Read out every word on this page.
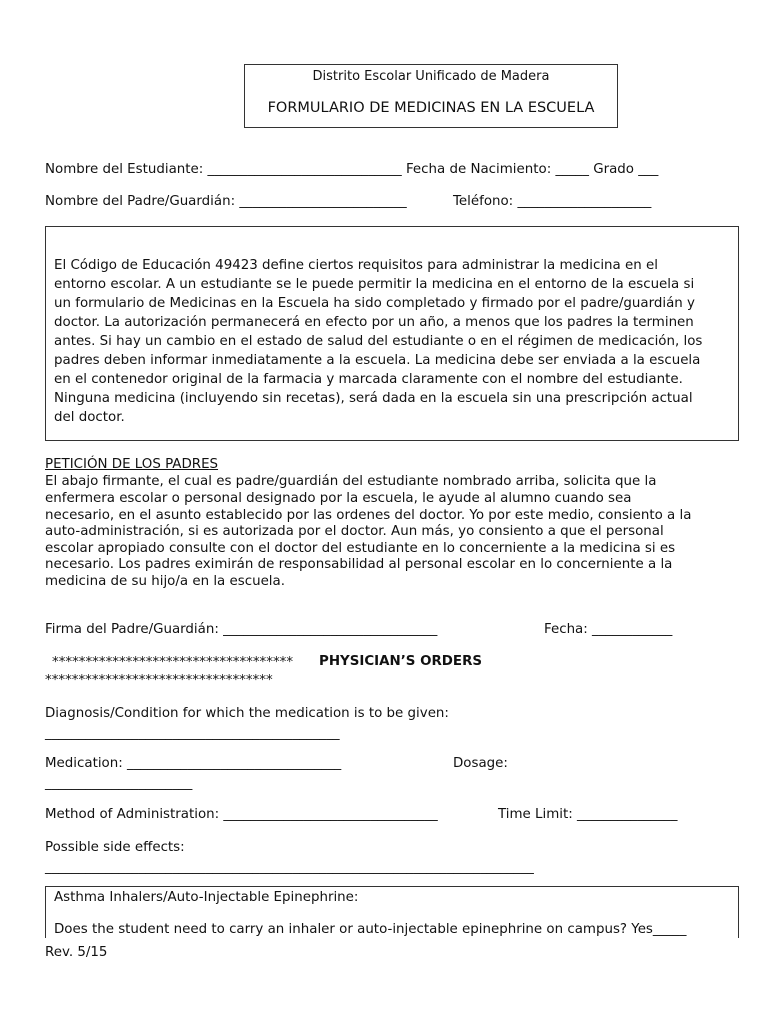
Distrito Escolar Unificado de Madera
FORMULARIO DE MEDICINAS EN LA ESCUELA
Nombre del Estudiante: _____________________________ Fecha de Nacimiento: _____ Grado ___
Nombre del Padre/Guardián: _________________________	Teléfono: ____________________
El Código de Educación 49423 define ciertos requisitos para administrar la medicina en el
entorno escolar. A un estudiante se le puede permitir la medicina en el entorno de la escuela si
un formulario de Medicinas en la Escuela ha sido completado y firmado por el padre/guardián y
doctor. La autorización permanecerá en efecto por un año, a menos que los padres la terminen
antes. Si hay un cambio en el estado de salud del estudiante o en el régimen de medicación, los
padres deben informar inmediatamente a la escuela. La medicina debe ser enviada a la escuela
en el contenedor original de la farmacia y marcada claramente con el nombre del estudiante.
Ninguna medicina (incluyendo sin recetas), será dada en la escuela sin una prescripción actual
del doctor.
PETICIÓN DE LOS PADRES
El abajo firmante, el cual es padre/guardián del estudiante nombrado arriba, solicita que la
enfermera escolar o personal designado por la escuela, le ayude al alumno cuando sea
necesario, en el asunto establecido por las ordenes del doctor. Yo por este medio, consiento a la
auto-administración, si es autorizada por el doctor. Aun más, yo consiento a que el personal
escolar apropiado consulte con el doctor del estudiante en lo concerniente a la medicina si es
necesario. Los padres eximirán de responsabilidad al personal escolar en lo concerniente a la
medicina de su hijo/a en la escuela.
Firma del Padre/Guardián: ________________________________	Fecha: ____________
************************************ PHYSICIAN’S ORDERS
**********************************
Diagnosis/Condition for which the medication is to be given:
____________________________________________
Medication: ________________________________	Dosage:
______________________
Method of Administration: ________________________________	Time Limit: _______________
Possible side effects:
_________________________________________________________________________
Asthma Inhalers/Auto-Injectable Epinephrine:
Does the student need to carry an inhaler or auto-injectable epinephrine on campus? Yes_____
Rev. 5/15
